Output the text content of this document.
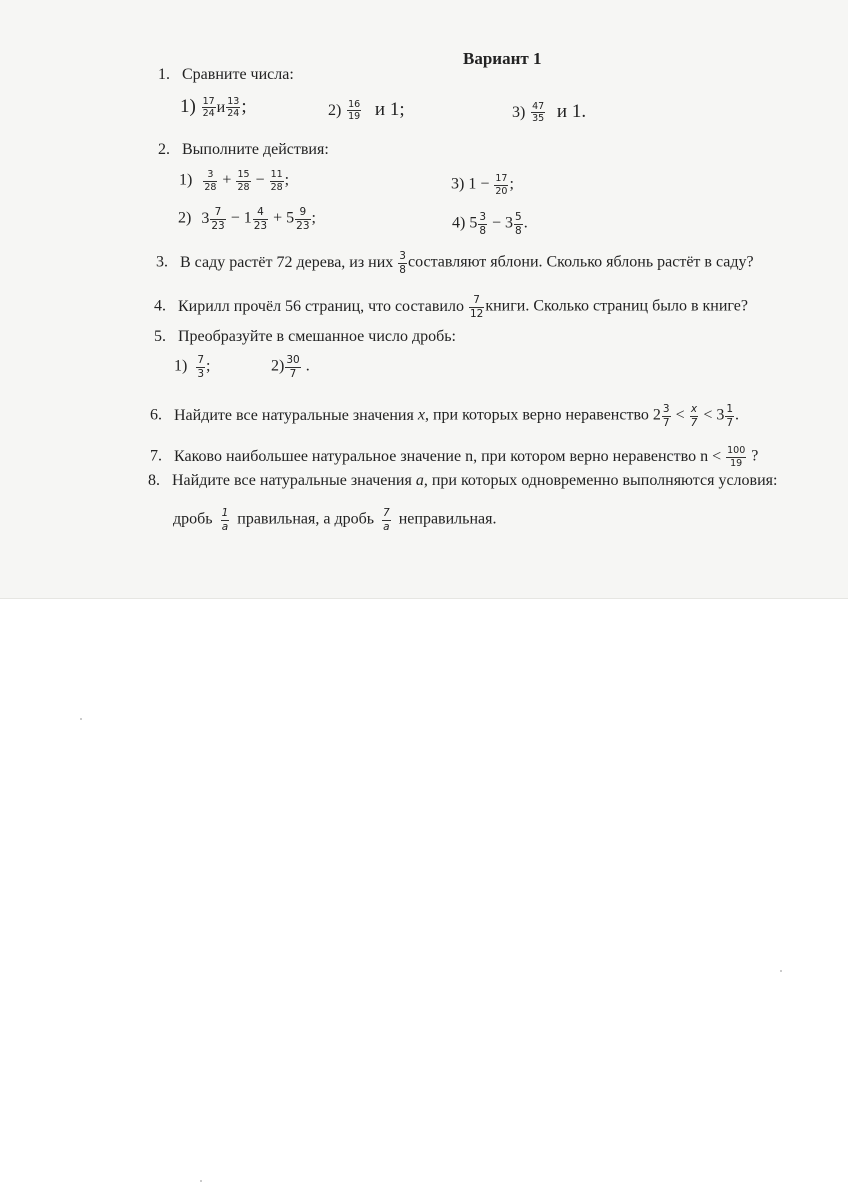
Вариант 1
1. Сравните числа:
$1) \frac{17}{24}$ и $\frac{13}{24}$ ;	$2) \frac{16}{19}$ и 1;	$3) \frac{47}{35}$ и 1.
2. Выполните действия:
$1) \frac{3}{28} + \frac{15}{28} - \frac{11}{28}$ ;	3) $1 - \frac{17}{20}$ ;
2) $3 \frac{7}{23} - 1 \frac{4}{23} + 5 \frac{9}{23}$ ;	4) $5 \frac{3}{8} - 3 \frac{5}{8}$ .
3. В саду растёт 72 дерева, из них $\frac{3}{8}$ составляют яблони. Сколько яблонь растёт в саду?
4. Кирилл прочёл 56 страниц, что составило $\frac{7}{12}$ книги. Сколько страниц было в книге?
5. Преобразуйте в смешанное число дробь:
$1) \frac{7}{3}$ ;	$2) \frac{30}{7}$ .
6. Найдите все натуральные значения x, при которых верно неравенство $2 \frac{3}{7} < \frac{x}{7} < 3 \frac{1}{7}$ .
7. Каково наибольшее натуральное значение n, при котором верно неравенство $n < \frac{100}{19}$ ?
8. Найдите все натуральные значения a, при которых одновременно выполняются условия:
дробь $\frac{1}{a}$ правильная, а дробь $\frac{7}{a}$ неправильная.
